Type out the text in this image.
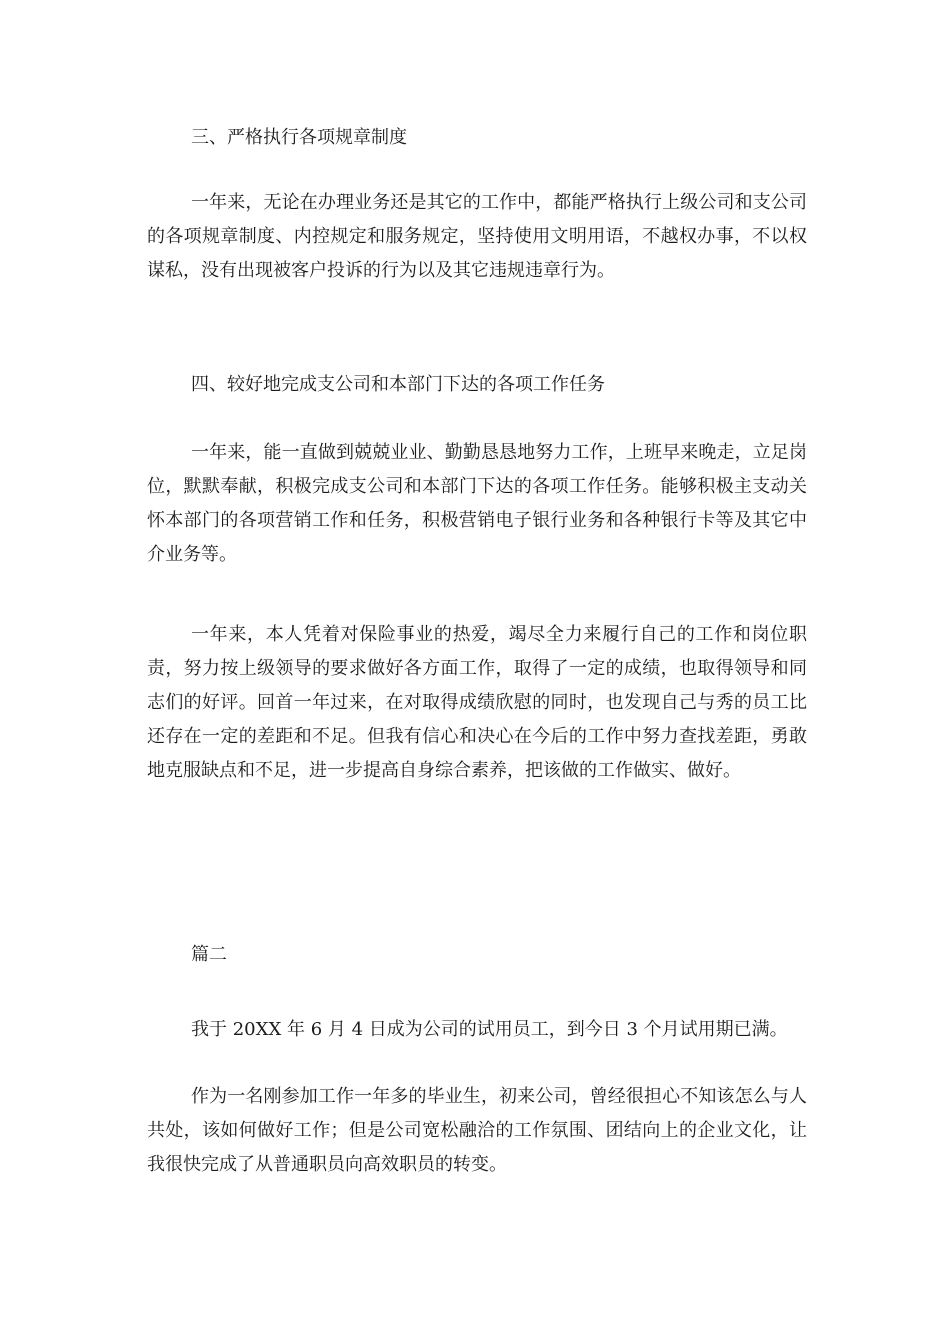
三、严格执行各项规章制度

一年来，无论在办理业务还是其它的工作中，都能严格执行上级公司和支公司的各项规章制度、内控规定和服务规定，坚持使用文明用语，不越权办事，不以权谋私，没有出现被客户投诉的行为以及其它违规违章行为。

四、较好地完成支公司和本部门下达的各项工作任务

一年来，能一直做到兢兢业业、勤勤恳恳地努力工作，上班早来晚走，立足岗位，默默奉献，积极完成支公司和本部门下达的各项工作任务。能够积极主支动关怀本部门的各项营销工作和任务，积极营销电子银行业务和各种银行卡等及其它中介业务等。

一年来，本人凭着对保险事业的热爱，竭尽全力来履行自己的工作和岗位职责，努力按上级领导的要求做好各方面工作，取得了一定的成绩，也取得领导和同志们的好评。回首一年过来，在对取得成绩欣慰的同时，也发现自己与秀的员工比还存在一定的差距和不足。但我有信心和决心在今后的工作中努力查找差距，勇敢地克服缺点和不足，进一步提高自身综合素养，把该做的工作做实、做好。

篇二

我于 20XX 年 6 月 4 日成为公司的试用员工，到今日 3 个月试用期已满。

作为一名刚参加工作一年多的毕业生，初来公司，曾经很担心不知该怎么与人共处，该如何做好工作；但是公司宽松融洽的工作氛围、团结向上的企业文化，让我很快完成了从普通职员向高效职员的转变。
